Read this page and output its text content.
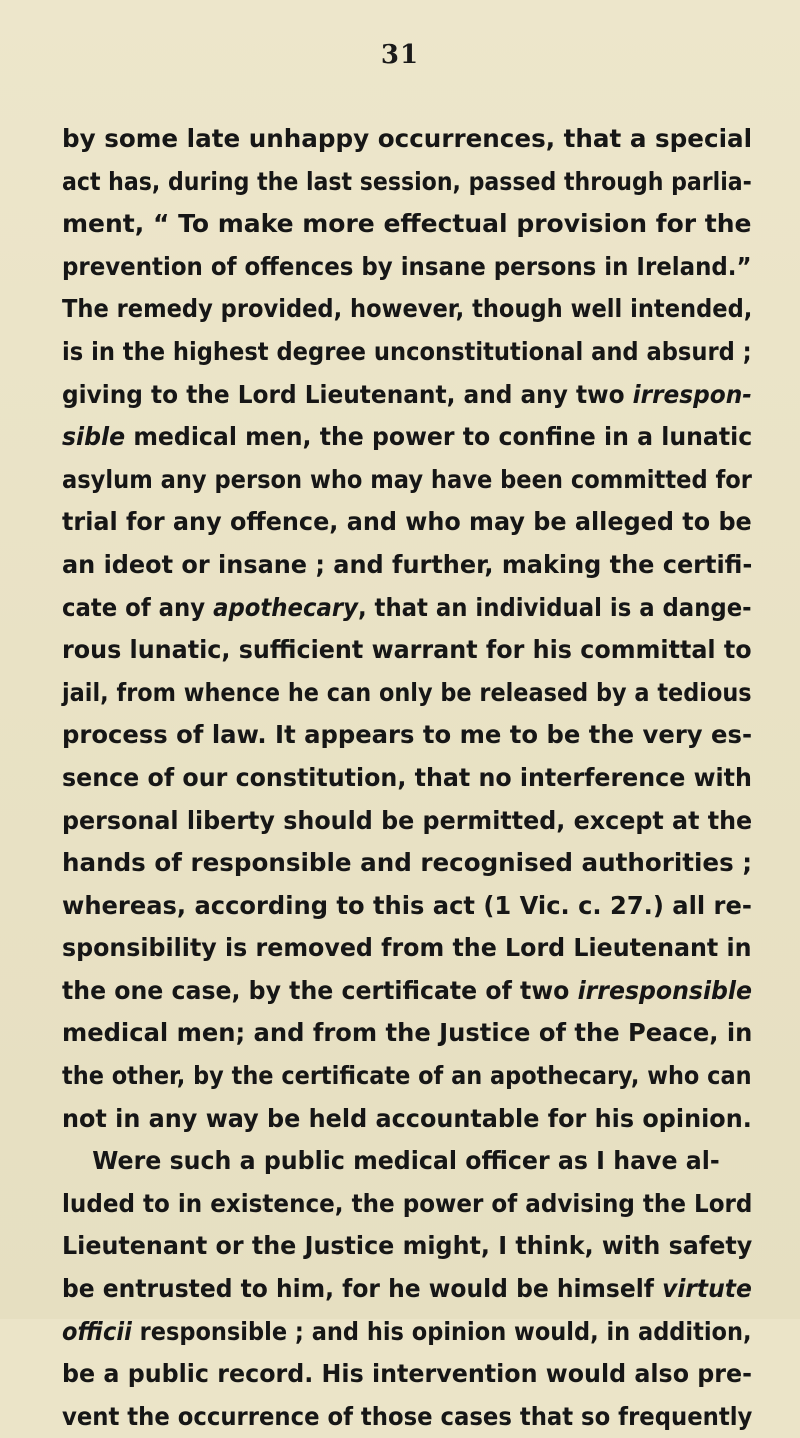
31
by some late unhappy occurrences, that a special
act has, during the last session, passed through parlia-
ment, “ To make more effectual provision for the
prevention of offences by insane persons in Ireland.”
The remedy provided, however, though well intended,
is in the highest degree unconstitutional and absurd ;
giving to the Lord Lieutenant, and any two irrespon-
sible medical men, the power to confine in a lunatic
asylum any person who may have been committed for
trial for any offence, and who may be alleged to be
an ideot or insane ; and further, making the certifi-
cate of any apothecary, that an individual is a dange-
rous lunatic, sufficient warrant for his committal to
jail, from whence he can only be released by a tedious
process of law. It appears to me to be the very es-
sence of our constitution, that no interference with
personal liberty should be permitted, except at the
hands of responsible and recognised authorities ;
whereas, according to this act (1 Vic. c. 27.) all re-
sponsibility is removed from the Lord Lieutenant in
the one case, by the certificate of two irresponsible
medical men; and from the Justice of the Peace, in
the other, by the certificate of an apothecary, who can
not in any way be held accountable for his opinion.
Were such a public medical officer as I have al-
luded to in existence, the power of advising the Lord
Lieutenant or the Justice might, I think, with safety
be entrusted to him, for he would be himself virtute
officii responsible ; and his opinion would, in addition,
be a public record. His intervention would also pre-
vent the occurrence of those cases that so frequently
